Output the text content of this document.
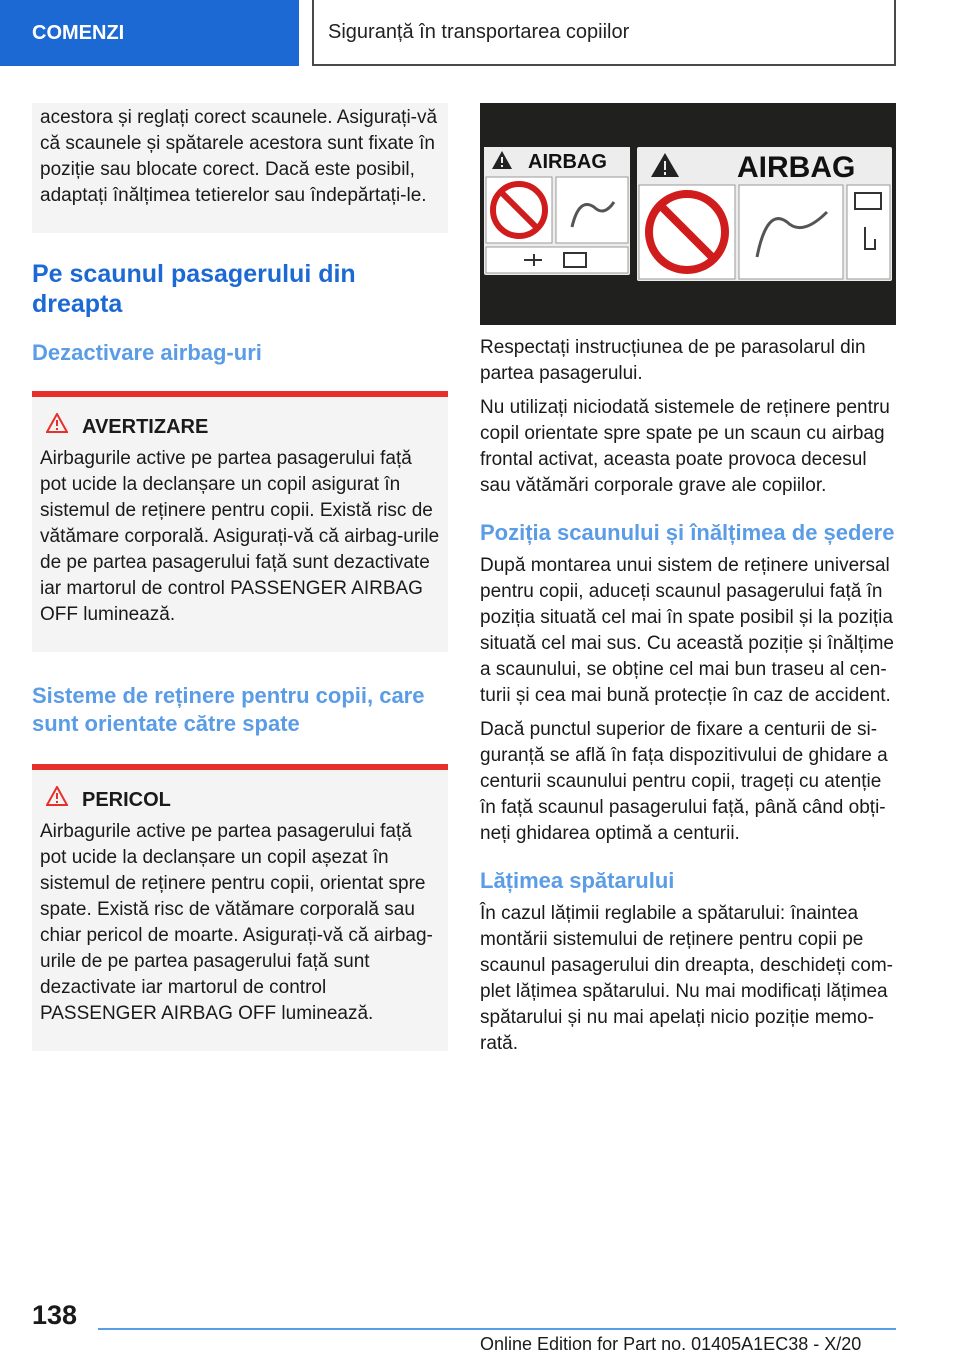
COMENZI	Siguranță în transportarea copiilor
acestora și reglați corect scaunele. Asigurați-vă că scaunele și spătarele acestora sunt fixate în poziție sau blocate corect. Dacă este posibil, adaptați înălțimea tetierelor sau îndepărtați-le.
Pe scaunul pasagerului din dreapta
Dezactivare airbag-uri
AVERTIZARE
Airbagurile active pe partea pasagerului față pot ucide la declanșare un copil asigurat în sistemul de reținere pentru copii. Există risc de vătămare corporală. Asigurați-vă că airbag-urile de pe partea pasagerului față sunt dezactivate iar martorul de control PASSENGER AIRBAG OFF luminează.
Sisteme de reținere pentru copii, care sunt orientate către spate
PERICOL
Airbagurile active pe partea pasagerului față pot ucide la declanșare un copil așezat în sistemul de reținere pentru copii, orientat spre spate. Există risc de vătămare corporală sau chiar pericol de moarte. Asigurați-vă că airbag-urile de pe partea pasagerului față sunt dezactivate iar martorul de control PASSENGER AIRBAG OFF luminează.
AIRBAG	AIRBAG

Respectați instrucțiunea de pe parasolarul din partea pasagerului.

Nu utilizați niciodată sistemele de reținere pentru copil orientate spre spate pe un scaun cu airbag frontal activat, aceasta poate provoca decesul sau vătămări corporale grave ale copiilor.

Poziția scaunului și înălțimea de ședere

După montarea unui sistem de reținere universal pentru copii, aduceți scaunul pasagerului față în poziția situată cel mai în spate posibil și la poziția situată cel mai sus. Cu această poziție și înălțime a scaunului, se obține cel mai bun traseu al centurii și cea mai bună protecție în caz de accident.

Dacă punctul superior de fixare a centurii de siguranță se află în fața dispozitivului de ghidare a centurii scaunului pentru copii, trageți cu atenție în față scaunul pasagerului față, până când obțineți ghidarea optimă a centurii.

Lățimea spătarului

În cazul lățimii reglabile a spătarului: înaintea montării sistemului de reținere pentru copii pe scaunul pasagerului din dreapta, deschideți complet lățimea spătarului. Nu mai modificați lățimea spătarului și nu mai apelați nicio poziție memorată.

138
Online Edition for Part no. 01405A1EC38 - X/20
